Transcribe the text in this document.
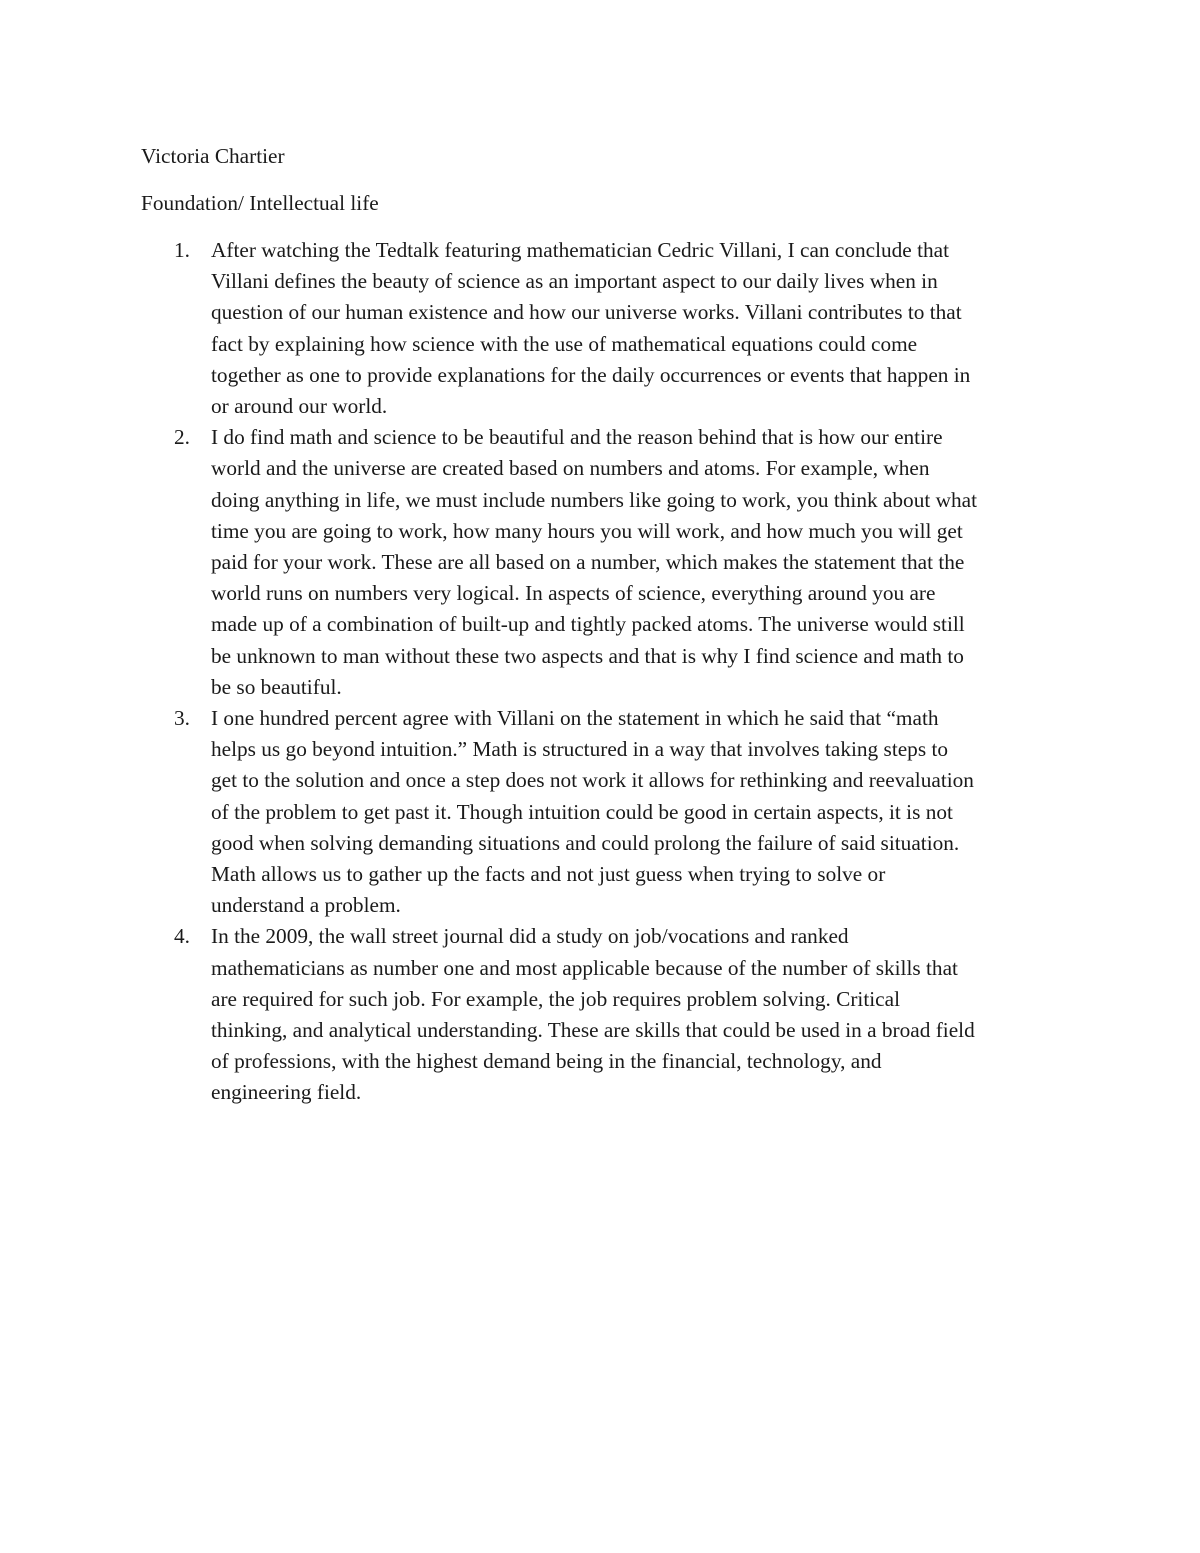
Victoria Chartier

Foundation/ Intellectual life

1. After watching the Tedtalk featuring mathematician Cedric Villani, I can conclude that
Villani defines the beauty of science as an important aspect to our daily lives when in
question of our human existence and how our universe works. Villani contributes to that
fact by explaining how science with the use of mathematical equations could come
together as one to provide explanations for the daily occurrences or events that happen in
or around our world.
2. I do find math and science to be beautiful and the reason behind that is how our entire
world and the universe are created based on numbers and atoms. For example, when
doing anything in life, we must include numbers like going to work, you think about what
time you are going to work, how many hours you will work, and how much you will get
paid for your work. These are all based on a number, which makes the statement that the
world runs on numbers very logical. In aspects of science, everything around you are
made up of a combination of built-up and tightly packed atoms. The universe would still
be unknown to man without these two aspects and that is why I find science and math to
be so beautiful.
3. I one hundred percent agree with Villani on the statement in which he said that “math
helps us go beyond intuition.” Math is structured in a way that involves taking steps to
get to the solution and once a step does not work it allows for rethinking and reevaluation
of the problem to get past it. Though intuition could be good in certain aspects, it is not
good when solving demanding situations and could prolong the failure of said situation.
Math allows us to gather up the facts and not just guess when trying to solve or
understand a problem.
4. In the 2009, the wall street journal did a study on job/vocations and ranked
mathematicians as number one and most applicable because of the number of skills that
are required for such job. For example, the job requires problem solving. Critical
thinking, and analytical understanding. These are skills that could be used in a broad field
of professions, with the highest demand being in the financial, technology, and
engineering field.
